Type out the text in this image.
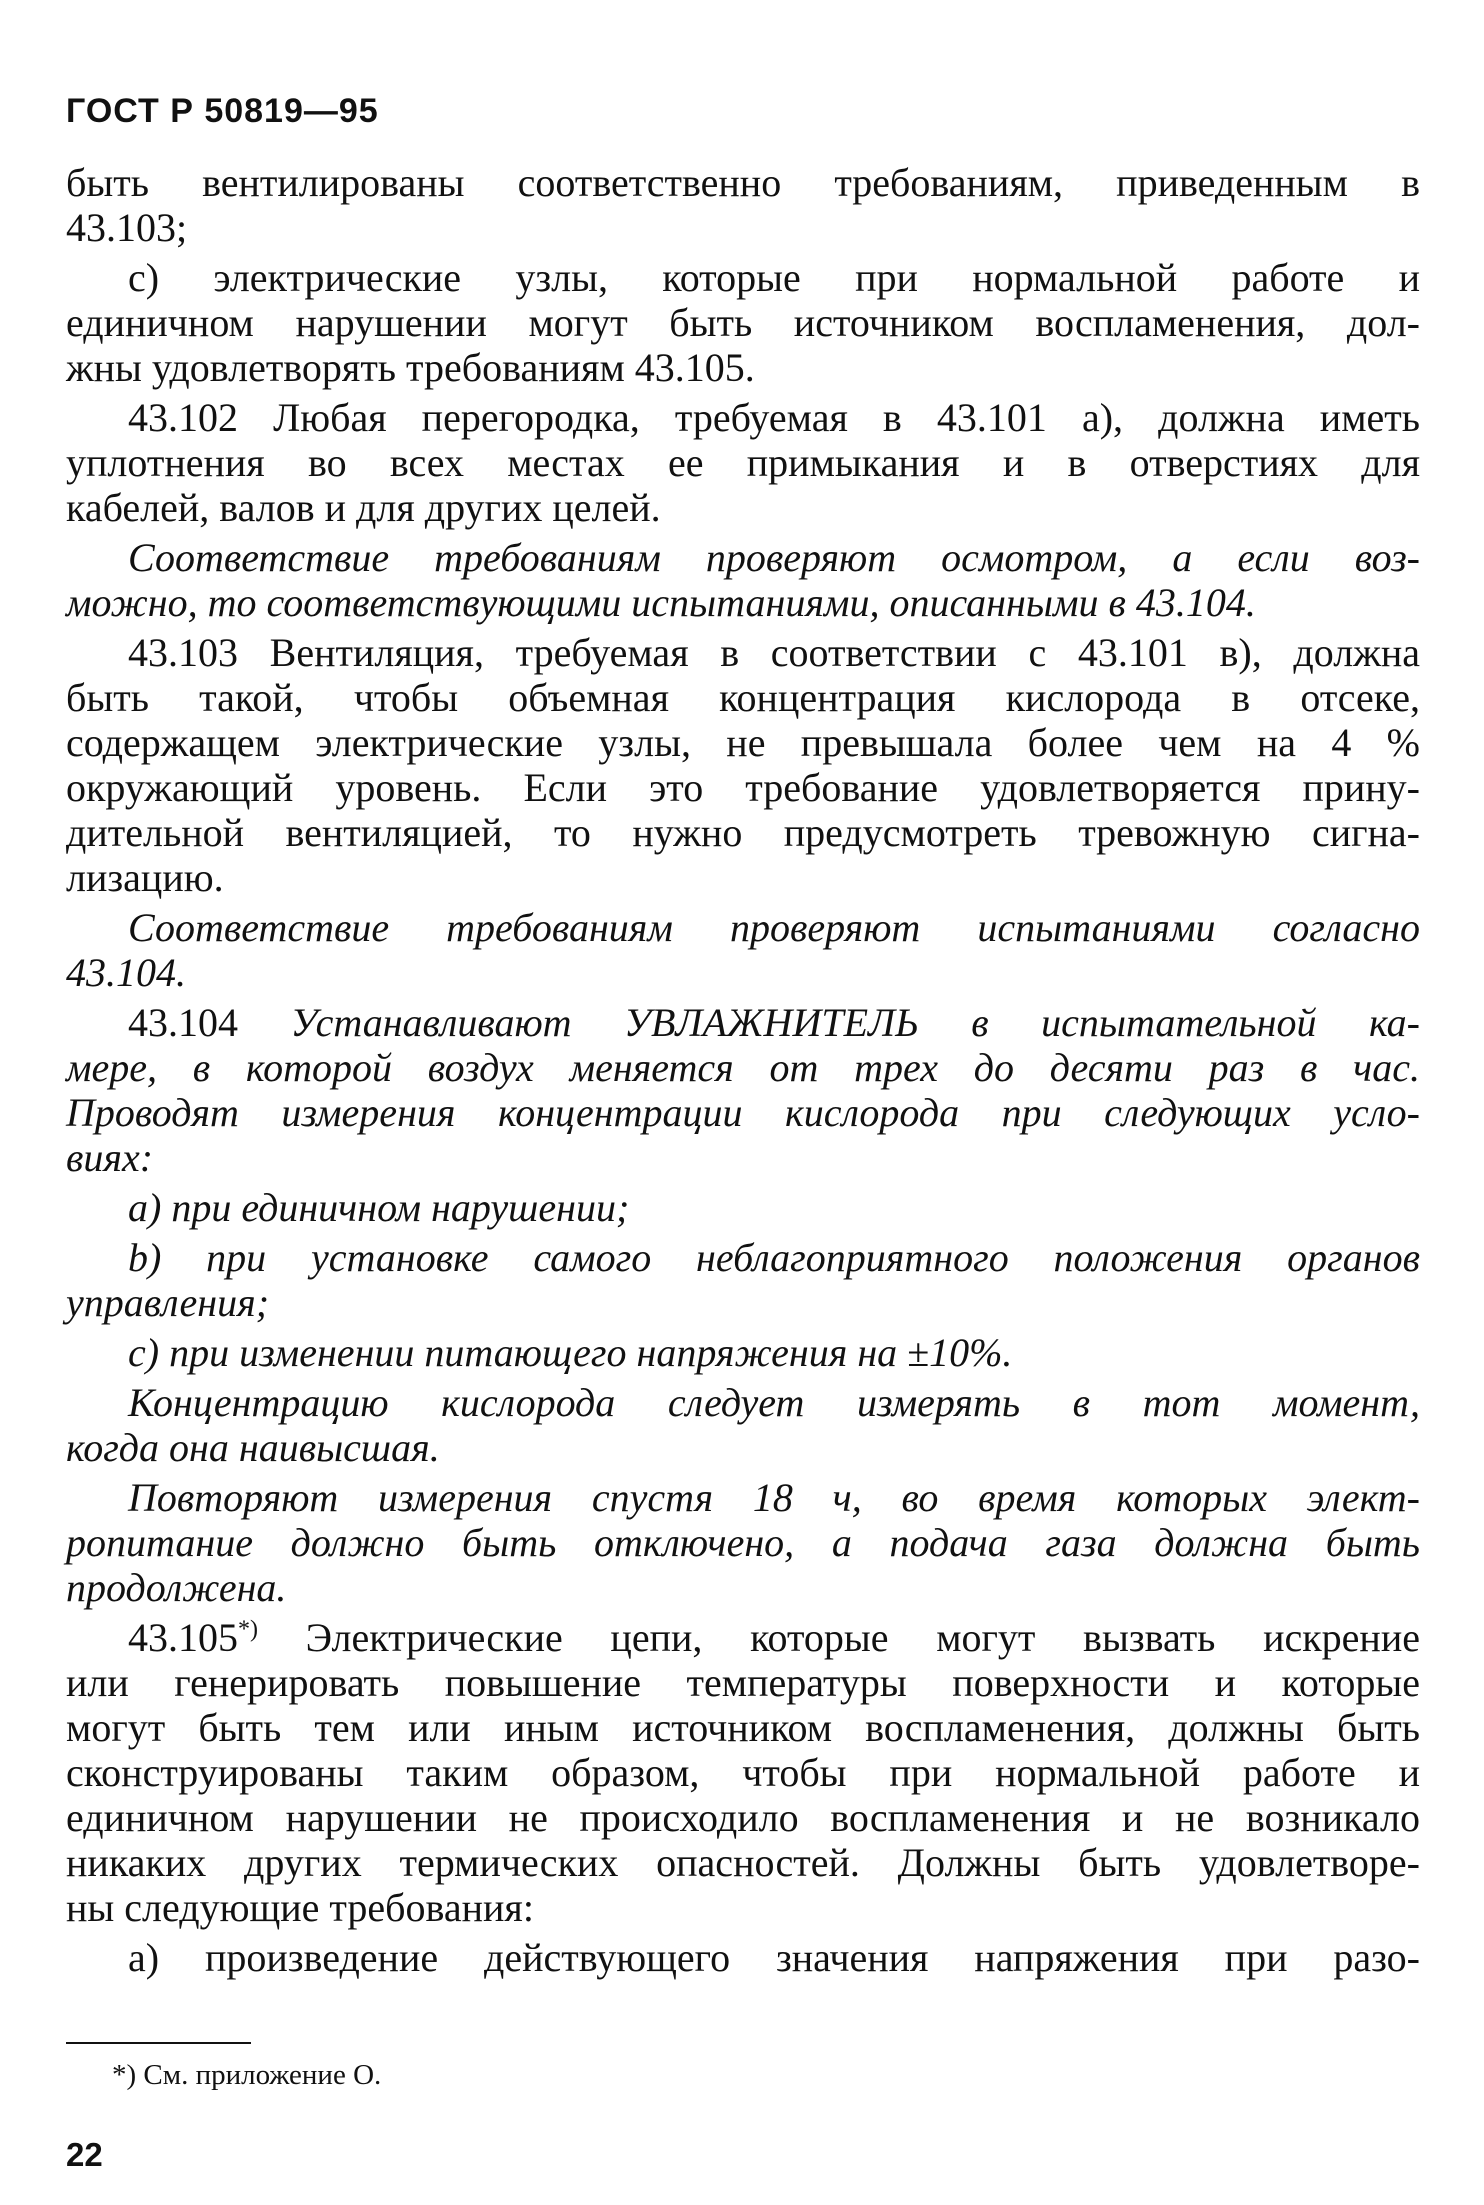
ГОСТ Р 50819—95

быть вентилированы соответственно требованиям, приведенным в

43.103;

c) электрические узлы, которые при нормальной работе и

единичном нарушении могут быть источником воспламенения, дол-

жны удовлетворять требованиям 43.105.

43.102 Любая перегородка, требуемая в 43.101 а), должна иметь

уплотнения во всех местах ее примыкания и в отверстиях для

кабелей, валов и для других целей.

Соответствие требованиям проверяют осмотром, а если воз-

можно, то соответствующими испытаниями, описанными в 43.104.

43.103 Вентиляция, требуемая в соответствии с 43.101 в), должна

быть такой, чтобы объемная концентрация кислорода в отсеке,

содержащем электрические узлы, не превышала более чем на 4 %

окружающий уровень. Если это требование удовлетворяется прину-

дительной вентиляцией, то нужно предусмотреть тревожную сигна-

лизацию.

Соответствие требованиям проверяют испытаниями согласно

43.104.

43.104 Устанавливают УВЛАЖНИТЕЛЬ в испытательной ка-

мере, в которой воздух меняется от трех до десяти раз в час.

Проводят измерения концентрации кислорода при следующих усло-

виях:

a) при единичном нарушении;

b) при установке самого неблагоприятного положения органов

управления;

c) при изменении питающего напряжения на ±10%.

Концентрацию кислорода следует измерять в тот момент,

когда она наивысшая.

Повторяют измерения спустя 18 ч, во время которых элект-

ропитание должно быть отключено, а подача газа должна быть

продолжена.

43.105*) Электрические цепи, которые могут вызвать искрение

или генерировать повышение температуры поверхности и которые

могут быть тем или иным источником воспламенения, должны быть

сконструированы таким образом, чтобы при нормальной работе и

единичном нарушении не происходило воспламенения и не возникало

никаких других термических опасностей. Должны быть удовлетворе-

ны следующие требования:

a) произведение действующего значения напряжения при разо-

*) См. приложение О.
22
